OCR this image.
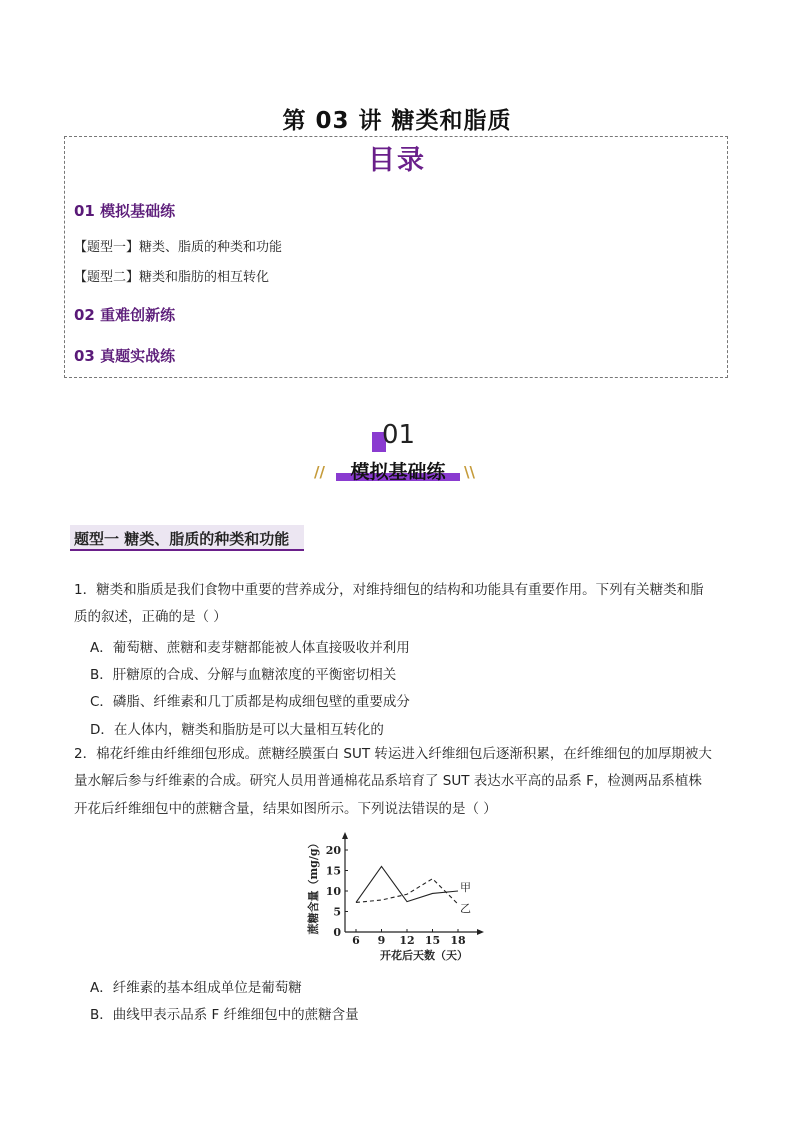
第 03 讲 糖类和脂质
目录
01 模拟基础练
【题型一】糖类、脂质的种类和功能
【题型二】糖类和脂肪的相互转化
02 重难创新练
03 真题实战练
01
//	模拟基础练	\\
题型一 糖类、脂质的种类和功能
1．糖类和脂质是我们食物中重要的营养成分，对维持细包的结构和功能具有重要作用。下列有关糖类和脂
质的叙述，正确的是（ ）
A．葡萄糖、蔗糖和麦芽糖都能被人体直接吸收并利用
B．肝糖原的合成、分解与血糖浓度的平衡密切相关
C．磷脂、纤维素和几丁质都是构成细包壁的重要成分
D．在人体内，糖类和脂肪是可以大量相互转化的
2．棉花纤维由纤维细包形成。蔗糖经膜蛋白 SUT 转运进入纤维细包后逐渐积累，在纤维细包的加厚期被大
量水解后参与纤维素的合成。研究人员用普通棉花品系培育了 SUT 表达水平高的品系 F，检测两品系植株
开花后纤维细包中的蔗糖含量，结果如图所示。下列说法错误的是（ ）
6 9 12 15 18
0
5
10
15
20
甲
乙
蔗糖含量（mg/g）
开花后天数（天）
A．纤维素的基本组成单位是葡萄糖
B．曲线甲表示品系 F 纤维细包中的蔗糖含量
